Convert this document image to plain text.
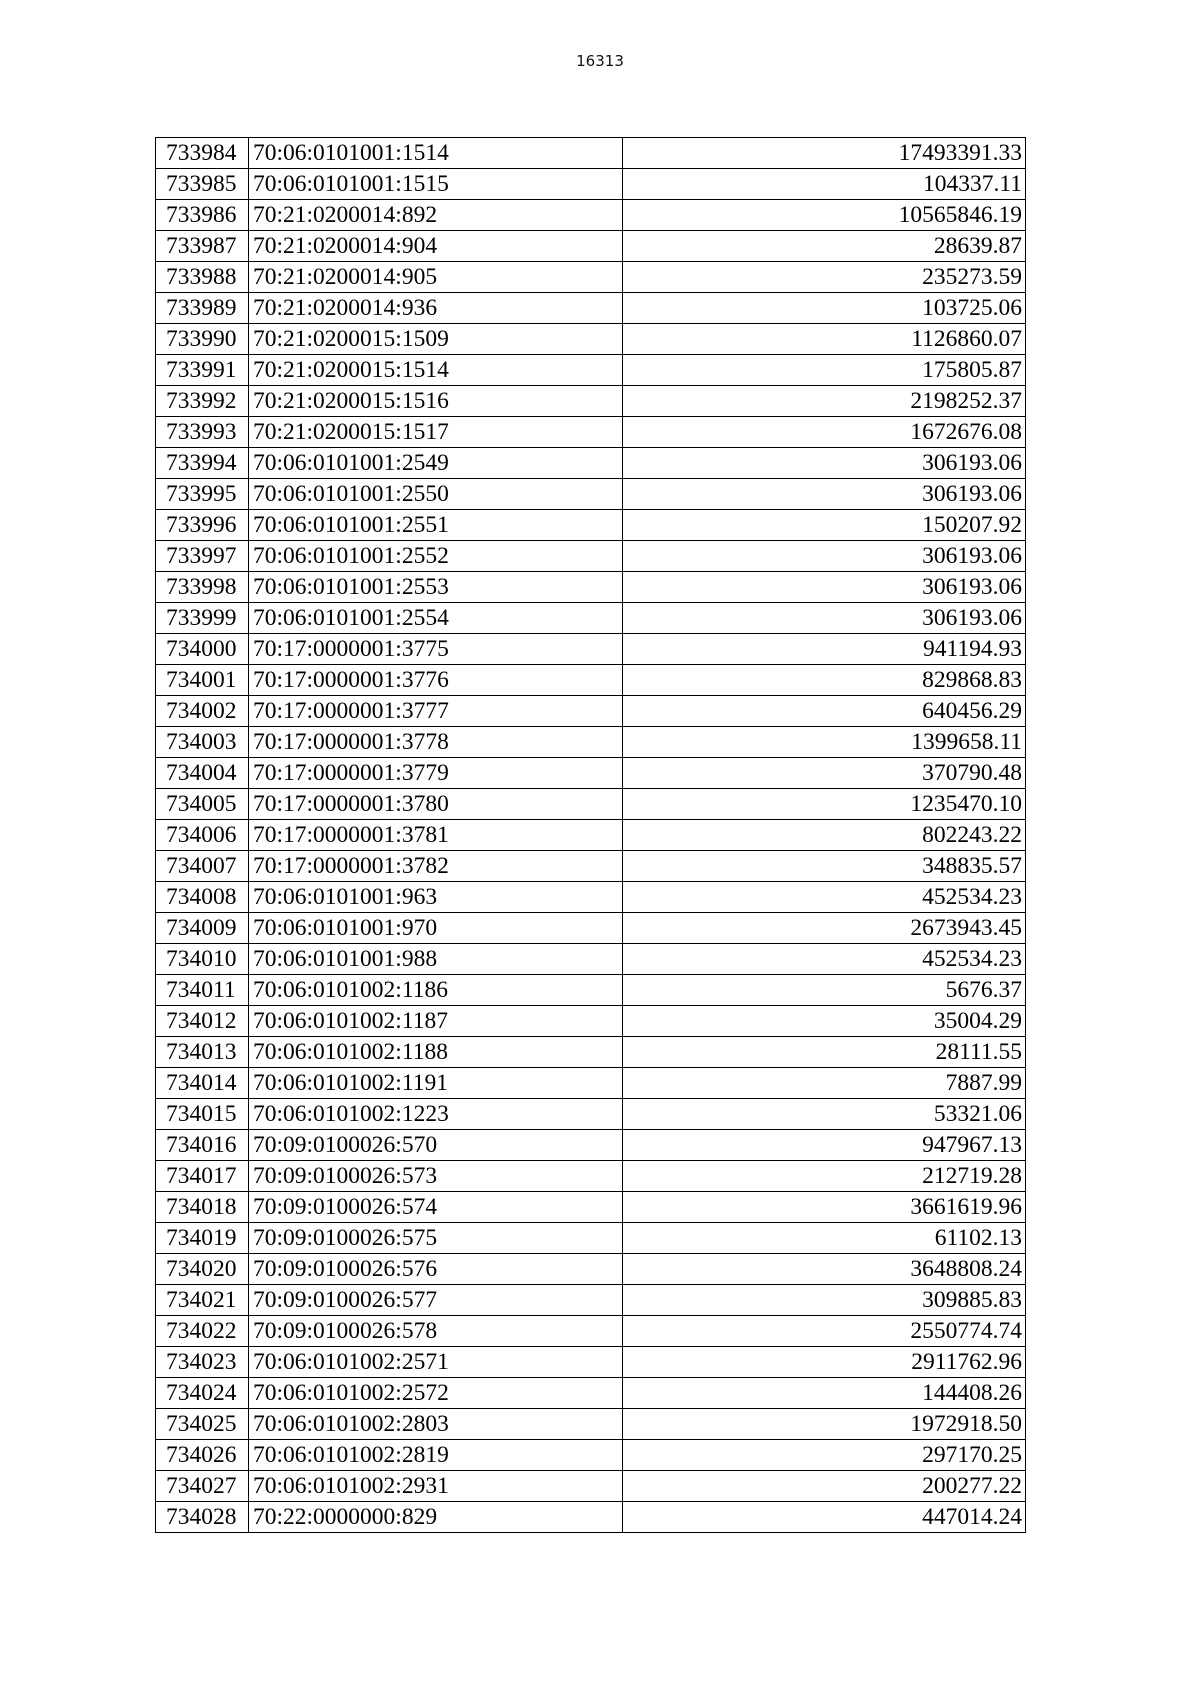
16313
733984	70:06:0101001:1514	17493391.33
733985	70:06:0101001:1515	104337.11
733986	70:21:0200014:892	10565846.19
733987	70:21:0200014:904	28639.87
733988	70:21:0200014:905	235273.59
733989	70:21:0200014:936	103725.06
733990	70:21:0200015:1509	1126860.07
733991	70:21:0200015:1514	175805.87
733992	70:21:0200015:1516	2198252.37
733993	70:21:0200015:1517	1672676.08
733994	70:06:0101001:2549	306193.06
733995	70:06:0101001:2550	306193.06
733996	70:06:0101001:2551	150207.92
733997	70:06:0101001:2552	306193.06
733998	70:06:0101001:2553	306193.06
733999	70:06:0101001:2554	306193.06
734000	70:17:0000001:3775	941194.93
734001	70:17:0000001:3776	829868.83
734002	70:17:0000001:3777	640456.29
734003	70:17:0000001:3778	1399658.11
734004	70:17:0000001:3779	370790.48
734005	70:17:0000001:3780	1235470.10
734006	70:17:0000001:3781	802243.22
734007	70:17:0000001:3782	348835.57
734008	70:06:0101001:963	452534.23
734009	70:06:0101001:970	2673943.45
734010	70:06:0101001:988	452534.23
734011	70:06:0101002:1186	5676.37
734012	70:06:0101002:1187	35004.29
734013	70:06:0101002:1188	28111.55
734014	70:06:0101002:1191	7887.99
734015	70:06:0101002:1223	53321.06
734016	70:09:0100026:570	947967.13
734017	70:09:0100026:573	212719.28
734018	70:09:0100026:574	3661619.96
734019	70:09:0100026:575	61102.13
734020	70:09:0100026:576	3648808.24
734021	70:09:0100026:577	309885.83
734022	70:09:0100026:578	2550774.74
734023	70:06:0101002:2571	2911762.96
734024	70:06:0101002:2572	144408.26
734025	70:06:0101002:2803	1972918.50
734026	70:06:0101002:2819	297170.25
734027	70:06:0101002:2931	200277.22
734028	70:22:0000000:829	447014.24
